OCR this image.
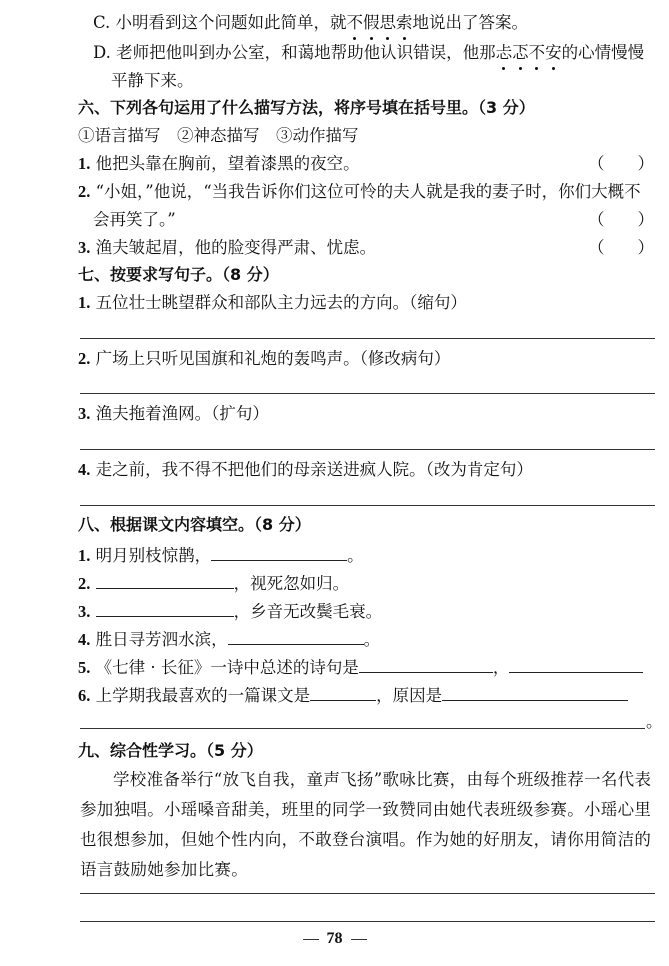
C. 小明看到这个问题如此简单，就不假思索地说出了答案。
D. 老师把他叫到办公室，和蔼地帮助他认识错误，他那忐忑不安的心情慢慢
平静下来。
六、下列各句运用了什么描写方法，将序号填在括号里。（3 分）
①语言描写　②神态描写　③动作描写
1. 他把头靠在胸前，望着漆黑的夜空。	（　　）
2. “小姐，”他说，“当我告诉你们这位可怜的夫人就是我的妻子时，你们大概不
会再笑了。”	（　　）
3. 渔夫皱起眉，他的脸变得严肃、忧虑。	（　　）
七、按要求写句子。（8 分）
1. 五位壮士眺望群众和部队主力远去的方向。（缩句）
2. 广场上只听见国旗和礼炮的轰鸣声。（修改病句）
3. 渔夫拖着渔网。（扩句）
4. 走之前，我不得不把他们的母亲送进疯人院。（改为肯定句）
八、根据课文内容填空。（8 分）
1. 明月别枝惊鹊，	。
2.	，视死忽如归。
3.	，乡音无改鬓毛衰。
4. 胜日寻芳泗水滨，	。
5. 《七律 · 长征》一诗中总述的诗句是	，
6. 上学期我最喜欢的一篇课文是	，原因是
。
九、综合性学习。（5 分）
学校准备举行“放飞自我，童声飞扬”歌咏比赛，由每个班级推荐一名代表参加独唱。小瑶嗓音甜美，班里的同学一致赞同由她代表班级参赛。小瑶心里也很想参加，但她个性内向，不敢登台演唱。作为她的好朋友，请你用简洁的语言鼓励她参加比赛。
78
